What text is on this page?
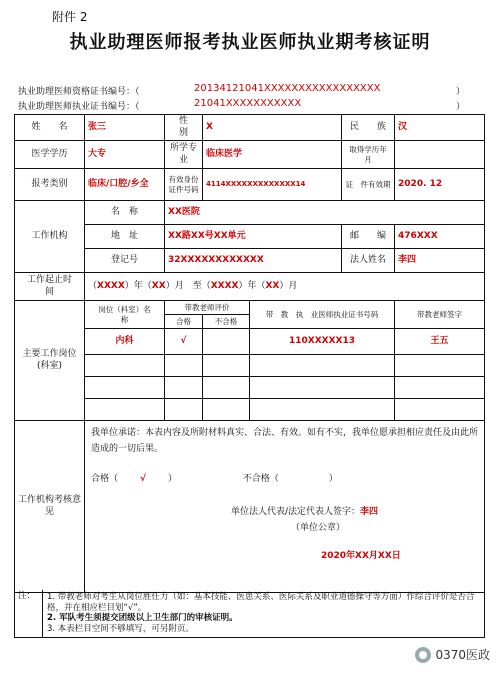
附件 2
执业助理医师报考执业医师执业期考核证明
执业助理医师资格证书编号：（	20134121041XXXXXXXXXXXXXXXXX	）
执业助理医师执业证书编号：（	21041XXXXXXXXXXX	）
姓　　名	张三	性　　别	X		民　　族	汉
医学学历	大专	所学专业	临床医学		取得学历年　　月	
报考类别	临床/口腔/乡全	有效身份证件号码	4114XXXXXXXXXXXXX14		证　件有效期	2020. 12
工作机构	名　称	XX医院				
	地　址	XX路XX号XX单元			邮　　编	476XXX
	登记号	32XXXXXXXXXXXX			法人姓名	李四
工作起止时　　间	（XXXX）年（XX）月　至（XXXX）年（XX）月					
主要工作岗位(科室)	岗位（科室）名　　称	带教老师评价		带　教　执　业医师执业证书号码		带教老师签字
		合格	不合格			
	内科	√		110XXXXX13		王五

工作机构考核意见	我单位承诺：本表内容及所附材料真实、合法、有效。如有不实，我单位愿承担相应责任及由此所造成的一切后果。
合格（ √ ） 不合格（ ）
单位法人代表/法定代表人签字：李四
（单位公章）
2020年XX月XX日					
注：	1. 带教老师对考生从岗位胜任力（如：基本技能、医患关系、医际关系及职业道德操守等方面）作综合评价是否合格，并在相应栏目划“√”。
2. 军队考生须提交团级以上卫生部门的审核证明。
3. 本表栏目空间不够填写，可另附页。
0370医政
